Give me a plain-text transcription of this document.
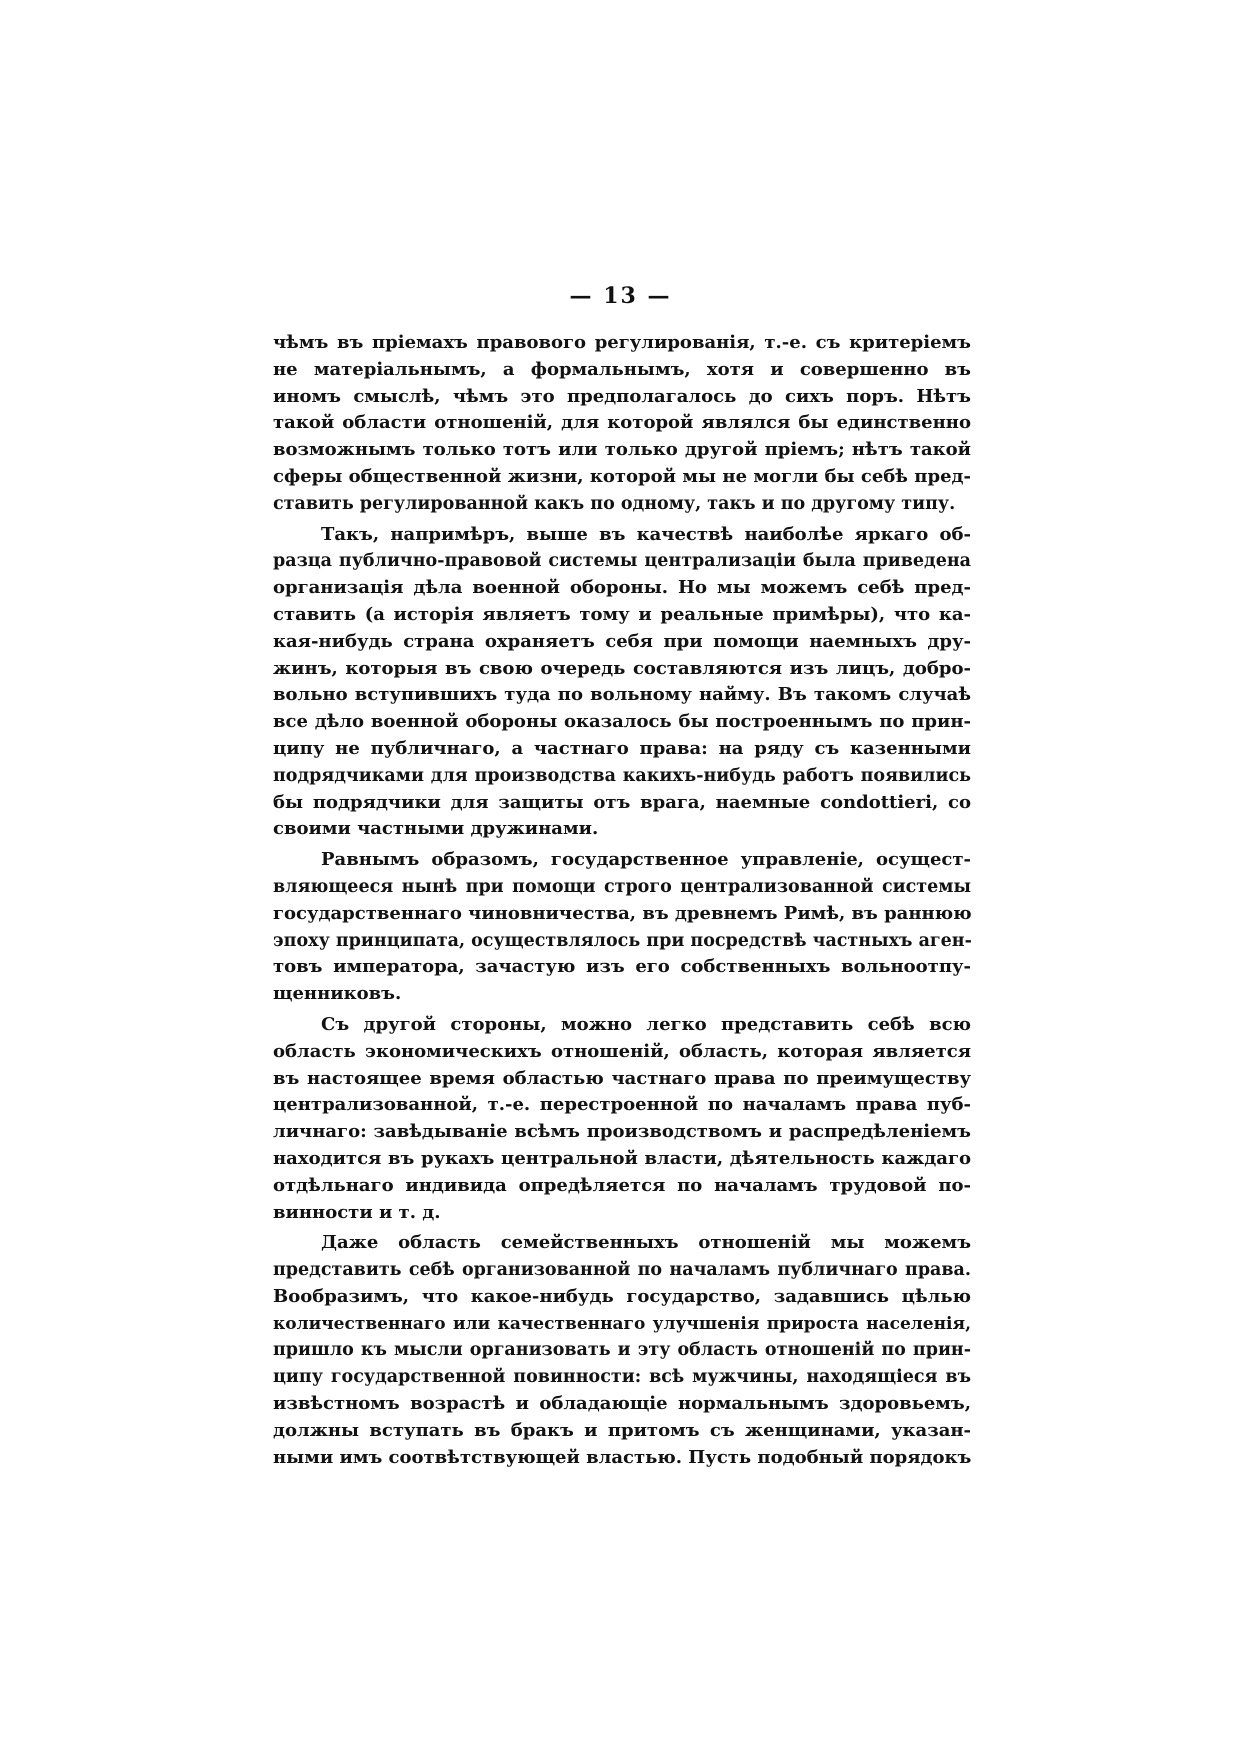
— 13 —
чѣмъ въ пріемахъ правового регулированія, т.-е. съ критеріемъ
не матеріальнымъ, а формальнымъ, хотя и совершенно въ
иномъ смыслѣ, чѣмъ это предполагалось до сихъ поръ. Нѣтъ
такой области отношеній, для которой являлся бы единственно
возможнымъ только тотъ или только другой пріемъ; нѣтъ такой
сферы общественной жизни, которой мы не могли бы себѣ пред-
ставить регулированной какъ по одному, такъ и по другому типу.
Такъ, напримѣръ, выше въ качествѣ наиболѣе яркаго об-
разца публично-правовой системы централизаціи была приведена
организація дѣла военной обороны. Но мы можемъ себѣ пред-
ставить (а исторія являетъ тому и реальные примѣры), что ка-
кая-нибудь страна охраняетъ себя при помощи наемныхъ дру-
жинъ, которыя въ свою очередь составляются изъ лицъ, добро-
вольно вступившихъ туда по вольному найму. Въ такомъ случаѣ
все дѣло военной обороны оказалось бы построеннымъ по прин-
ципу не публичнаго, а частнаго права: на ряду съ казенными
подрядчиками для производства какихъ-нибудь работъ появились
бы подрядчики для защиты отъ врага, наемные condottieri, со
своими частными дружинами.
Равнымъ образомъ, государственное управленіе, осущест-
вляющееся нынѣ при помощи строго централизованной системы
государственнаго чиновничества, въ древнемъ Римѣ, въ раннюю
эпоху принципата, осуществлялось при посредствѣ частныхъ аген-
товъ императора, зачастую изъ его собственныхъ вольноотпу-
щенниковъ.
Съ другой стороны, можно легко представить себѣ всю
область экономическихъ отношеній, область, которая является
въ настоящее время областью частнаго права по преимуществу
централизованной, т.-е. перестроенной по началамъ права пуб-
личнаго: завѣдываніе всѣмъ производствомъ и распредѣленіемъ
находится въ рукахъ центральной власти, дѣятельность каждаго
отдѣльнаго индивида опредѣляется по началамъ трудовой по-
винности и т. д.
Даже область семейственныхъ отношеній мы можемъ
представить себѣ организованной по началамъ публичнаго права.
Вообразимъ, что какое-нибудь государство, задавшись цѣлью
количественнаго или качественнаго улучшенія прироста населенія,
пришло къ мысли организовать и эту область отношеній по прин-
ципу государственной повинности: всѣ мужчины, находящіеся въ
извѣстномъ возрастѣ и обладающіе нормальнымъ здоровьемъ,
должны вступать въ бракъ и притомъ съ женщинами, указан-
ными имъ соотвѣтствующей властью. Пусть подобный порядокъ
